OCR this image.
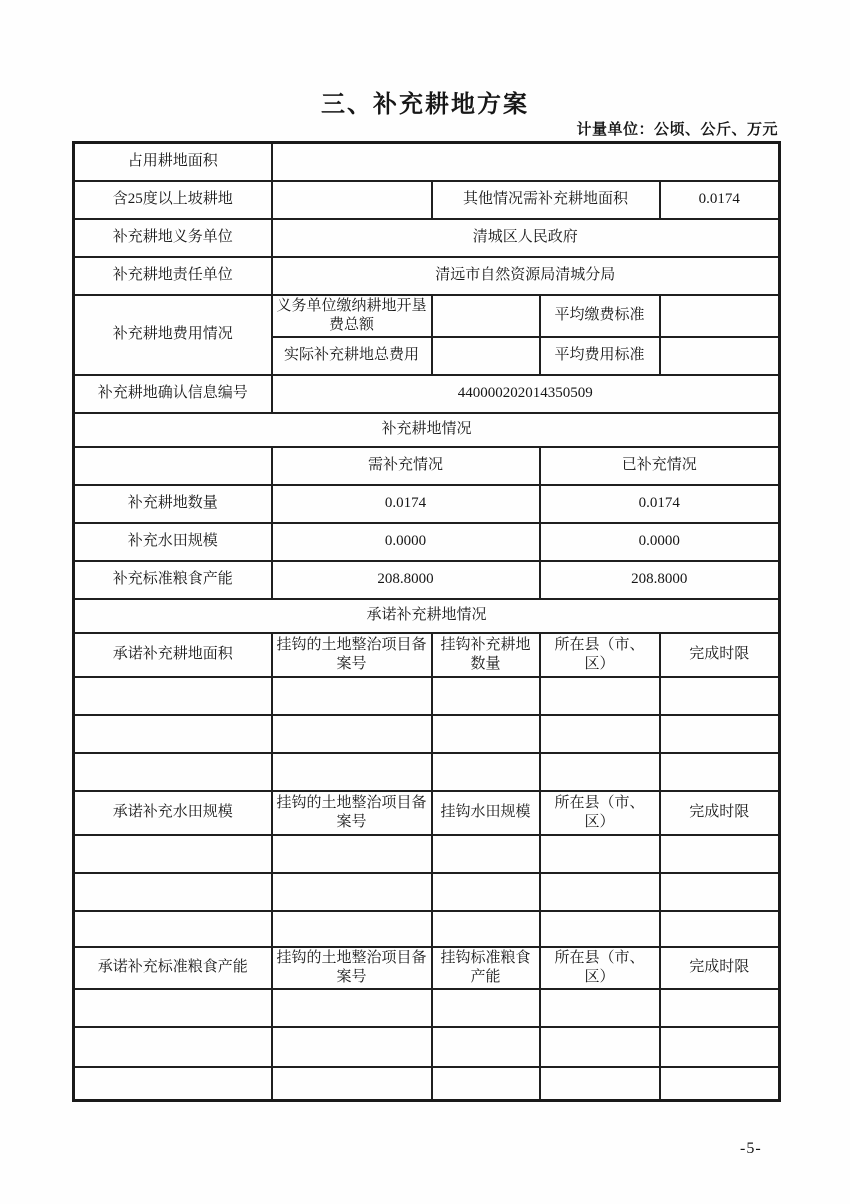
三、补充耕地方案
计量单位：公顷、公斤、万元
占用耕地面积				
含25度以上坡耕地		其他情况需补充耕地面积		0.0174
补充耕地义务单位	清城区人民政府			
补充耕地责任单位	清远市自然资源局清城分局			
补充耕地费用情况	义务单位缴纳耕地开垦费总额		平均缴费标准	
	实际补充耕地总费用		平均费用标准	
补充耕地确认信息编号	440000202014350509			
补充耕地情况				
	需补充情况		已补充情况	
补充耕地数量	0.0174		0.0174	
补充水田规模	0.0000		0.0000	
补充标准粮食产能	208.8000		208.8000	
承诺补充耕地情况				
承诺补充耕地面积	挂钩的土地整治项目备案号	挂钩补充耕地数量	所在县（市、区）	完成时限

承诺补充水田规模	挂钩的土地整治项目备案号	挂钩水田规模	所在县（市、区）	完成时限

承诺补充标准粮食产能	挂钩的土地整治项目备案号	挂钩标准粮食产能	所在县（市、区）	完成时限

-5-
